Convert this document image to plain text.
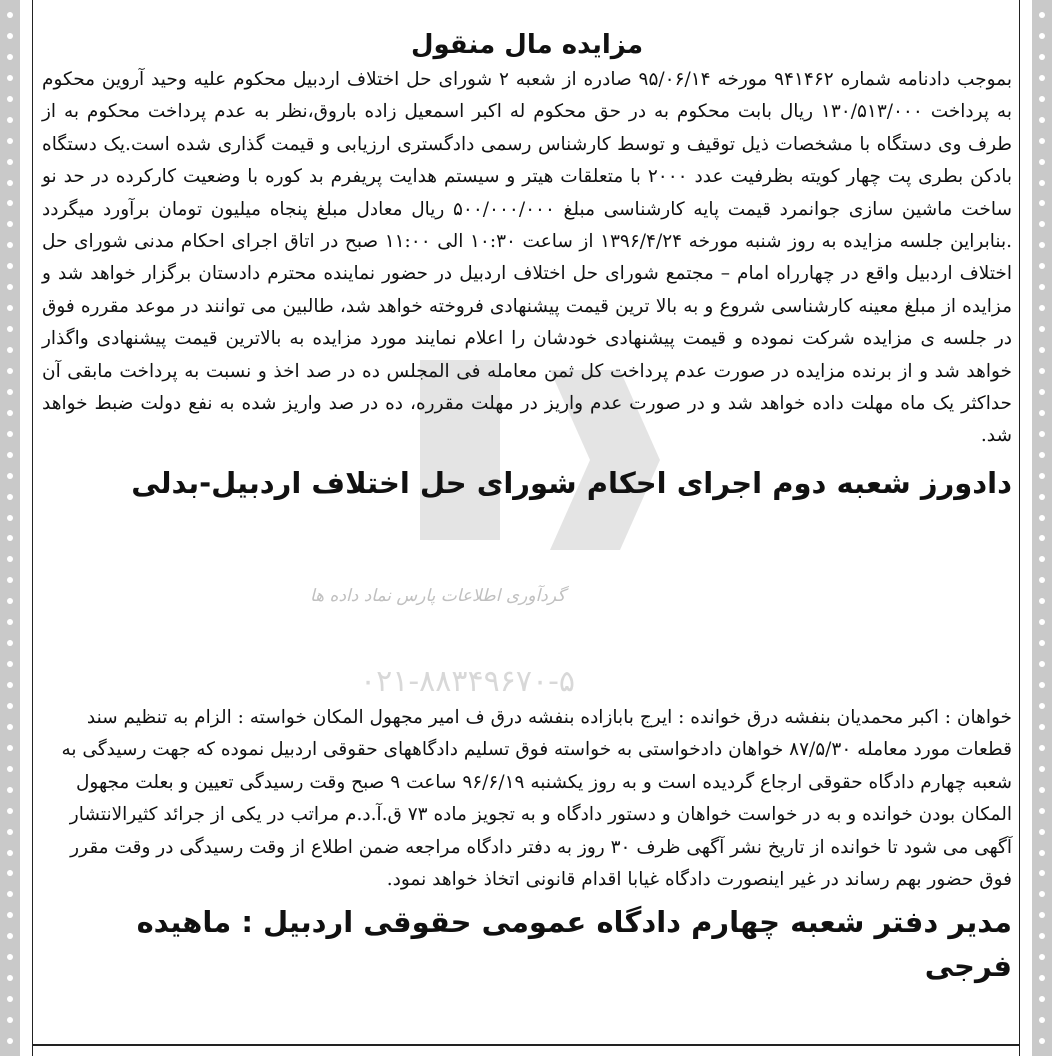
گردآوری اطلاعات پارس نماد داده ها
۰۲۱-۸۸۳۴۹۶۷۰-۵
مزایده مال منقول

بموجب دادنامه شماره ۹۴۱۴۶۲ مورخه ۹۵/۰۶/۱۴ صادره از شعبه ۲ شورای حل اختلاف اردبیل محکوم علیه وحید آروین محکوم به پرداخت ۱۳۰/۵۱۳/۰۰۰ ریال بابت محکوم به در حق محکوم له اکبر اسمعیل زاده باروق،نظر به عدم پرداخت محکوم به از طرف وی دستگاه با مشخصات ذیل توقیف و توسط کارشناس رسمی دادگستری ارزیابی و قیمت گذاری شده است.یک دستگاه بادکن بطری پت چهار کویته بظرفیت عدد ۲۰۰۰ با متعلقات هیتر و سیستم هدایت پریفرم بد کوره با وضعیت کارکرده در حد نو ساخت ماشین سازی جوانمرد قیمت پایه کارشناسی مبلغ ۵۰۰/۰۰۰/۰۰۰ ریال معادل مبلغ پنجاه میلیون تومان برآورد میگردد .بنابراین جلسه مزایده به روز شنبه مورخه ۱۳۹۶/۴/۲۴ از ساعت ۱۰:۳۰ الی ۱۱:۰۰ صبح در اتاق اجرای احکام مدنی شورای حل اختلاف اردبیل واقع در چهارراه امام – مجتمع شورای حل اختلاف اردبیل در حضور نماینده محترم دادستان برگزار خواهد شد و مزایده از مبلغ معینه کارشناسی شروع و به بالا ترین قیمت پیشنهادی فروخته خواهد شد، طالبین می توانند در موعد مقرره فوق در جلسه ی مزایده شرکت نموده و قیمت پیشنهادی خودشان را اعلام نمایند مورد مزایده به بالاترین قیمت پیشنهادی واگذار خواهد شد و از برنده مزایده در صورت عدم پرداخت کل ثمن معامله فی المجلس ده در صد اخذ و نسبت به پرداخت مابقی آن حداکثر یک ماه مهلت داده خواهد شد و در صورت عدم واریز در مهلت مقرره، ده در صد واریز شده به نفع دولت ضبط خواهد شد.

دادورز شعبه دوم اجرای احکام شورای حل اختلاف اردبیل-بدلی

خواهان : اکبر محمدیان بنفشه درق خوانده : ایرج بابازاده بنفشه درق ف امیر مجهول المکان خواسته : الزام به تنظیم سند قطعات مورد معامله ۸۷/۵/۳۰ خواهان دادخواستی به خواسته فوق تسلیم دادگاههای حقوقی اردبیل نموده که جهت رسیدگی به شعبه چهارم دادگاه حقوقی ارجاع گردیده است و به روز یکشنبه ۹۶/۶/۱۹ ساعت ۹ صبح وقت رسیدگی تعیین و بعلت مجهول المکان بودن خوانده و به در خواست خواهان و دستور دادگاه و به تجویز ماده ۷۳ ق.آ.د.م مراتب در یکی از جرائد کثیرالانتشار آگهی می شود تا خوانده از تاریخ نشر آگهی ظرف ۳۰ روز به دفتر دادگاه مراجعه ضمن اطلاع از وقت رسیدگی در وقت مقرر فوق حضور بهم رساند در غیر اینصورت دادگاه غیابا اقدام قانونی اتخاذ خواهد نمود.

مدیر دفتر شعبه چهارم دادگاه عمومی حقوقی اردبیل : ماهیده فرجی
